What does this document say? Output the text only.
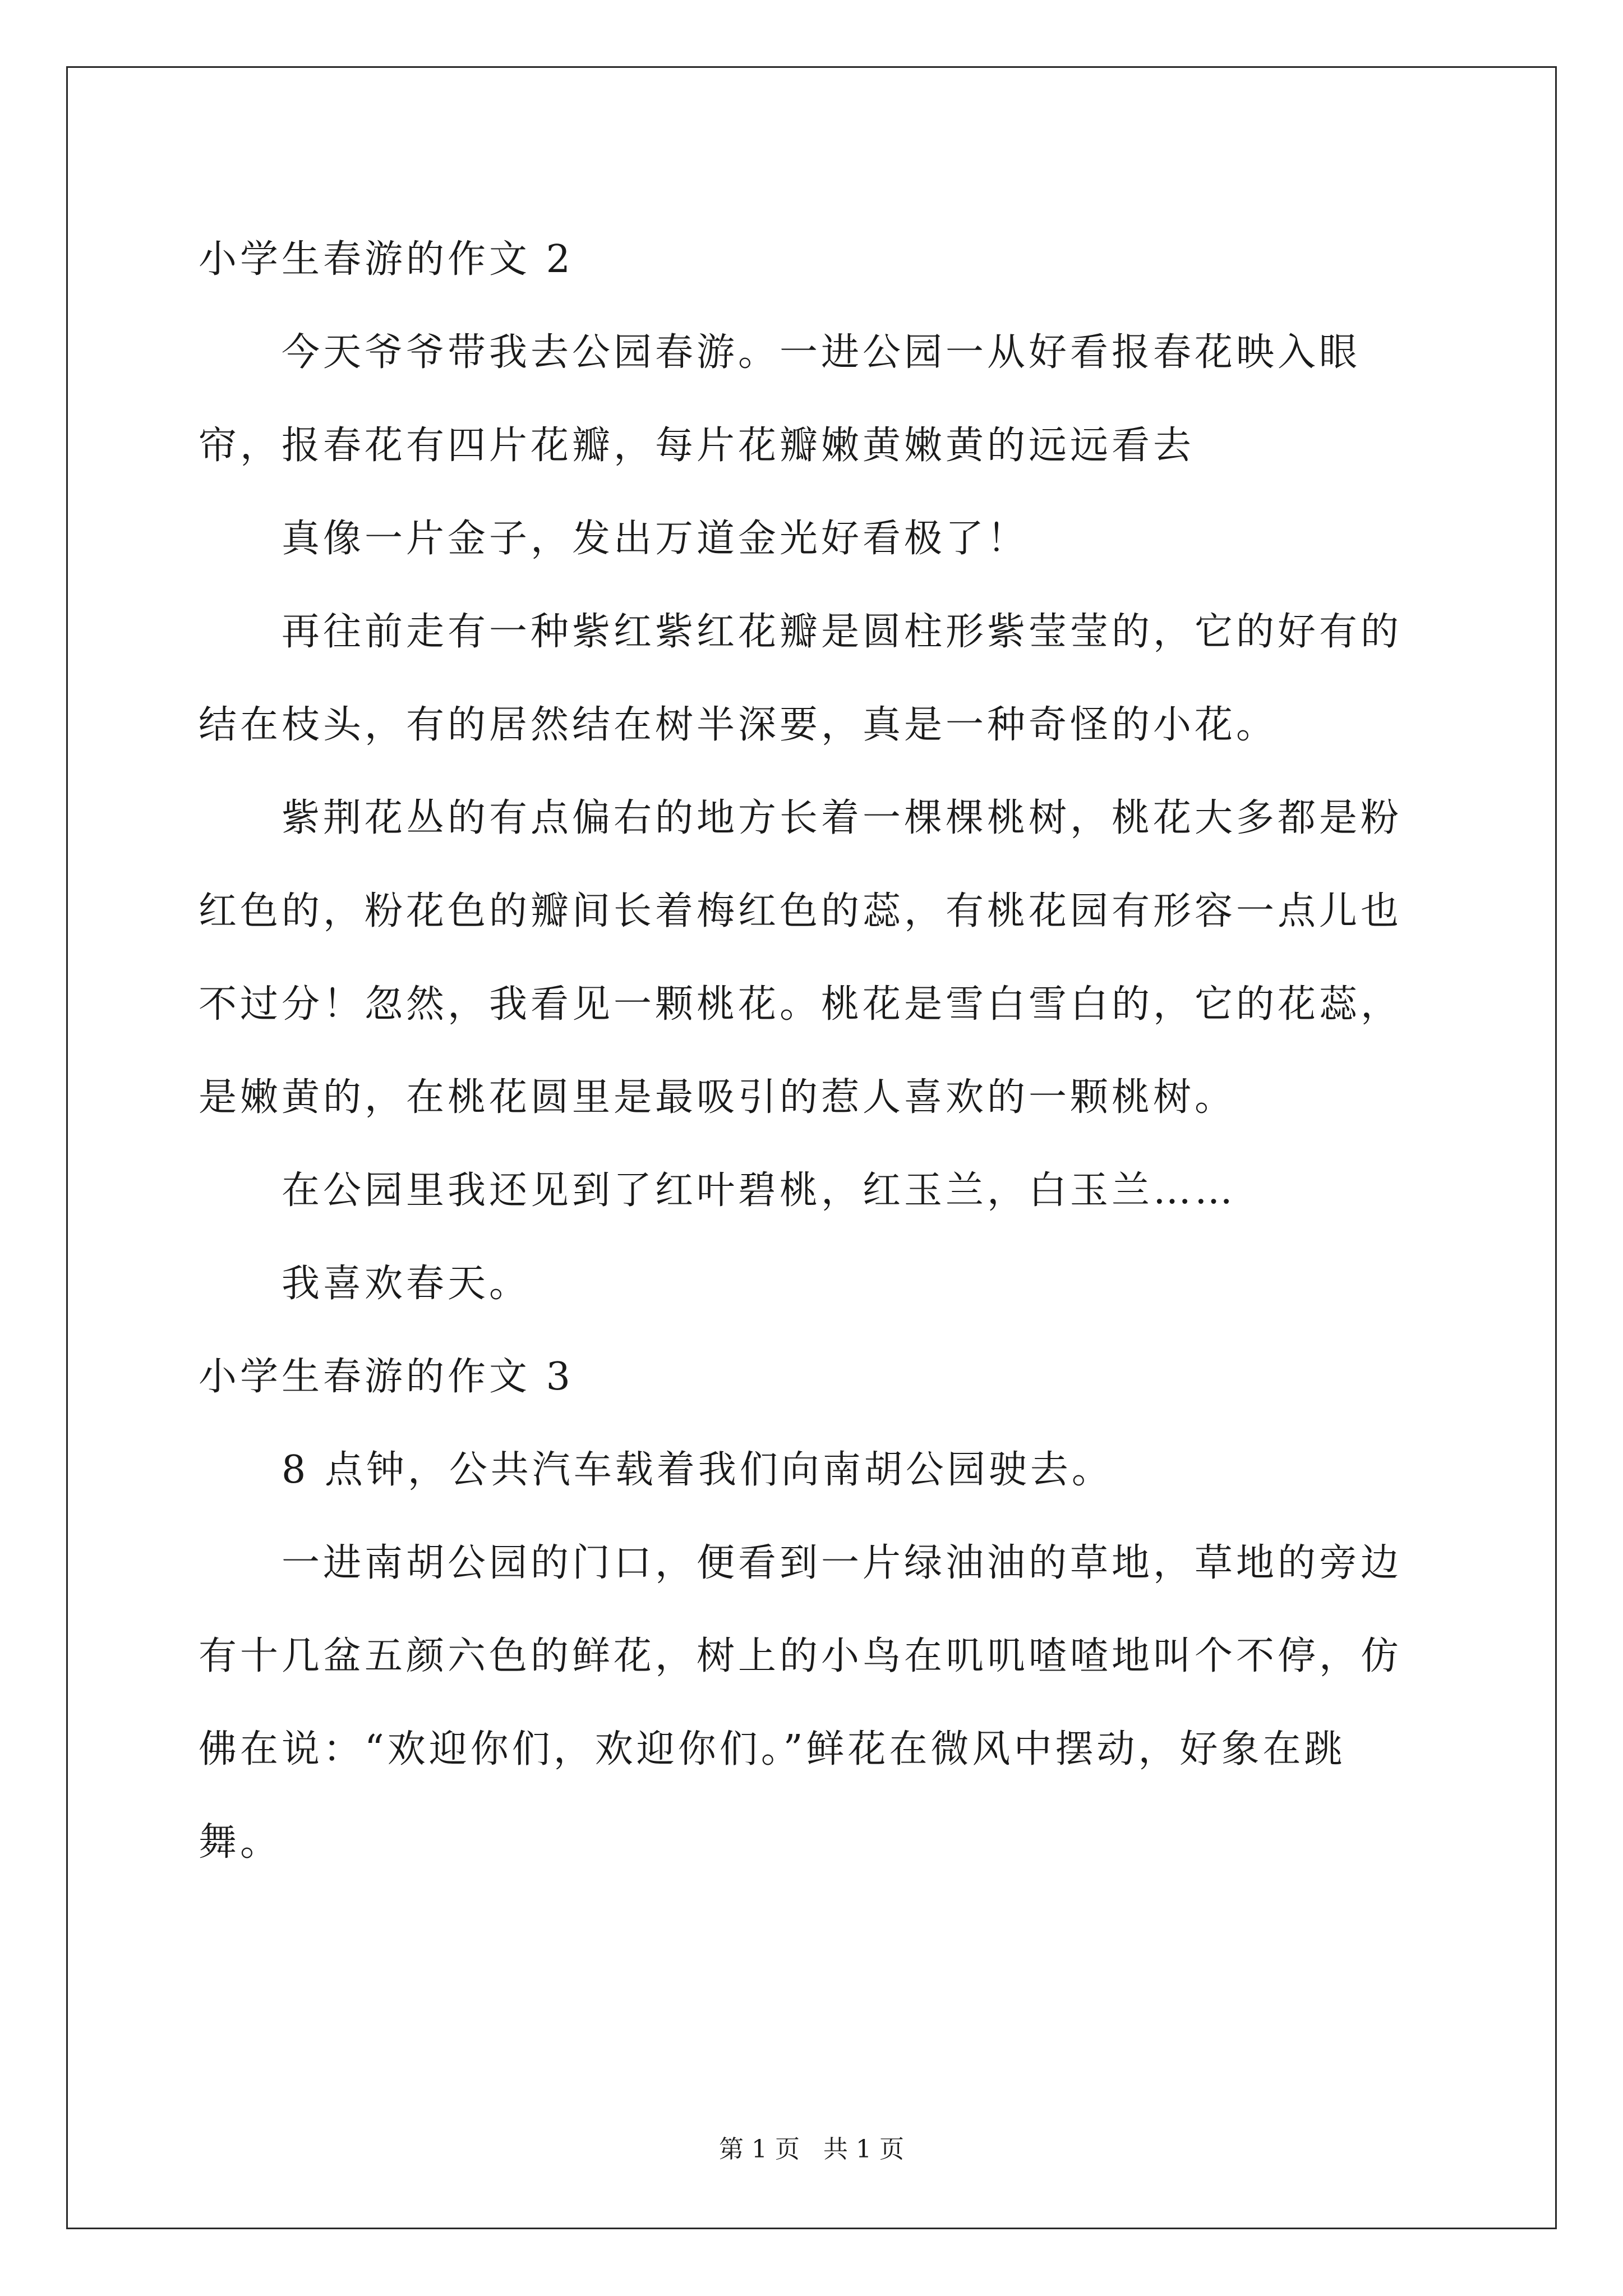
小学生春游的作文 2

今天爷爷带我去公园春游。一进公园一从好看报春花映入眼帘，报春花有四片花瓣，每片花瓣嫩黄嫩黄的远远看去

真像一片金子，发出万道金光好看极了！

再往前走有一种紫红紫红花瓣是圆柱形紫莹莹的，它的好有的结在枝头，有的居然结在树半深要，真是一种奇怪的小花。

紫荆花丛的有点偏右的地方长着一棵棵桃树，桃花大多都是粉红色的，粉花色的瓣间长着梅红色的蕊，有桃花园有形容一点儿也不过分！忽然，我看见一颗桃花。桃花是雪白雪白的，它的花蕊，是嫩黄的，在桃花圆里是最吸引的惹人喜欢的一颗桃树。

在公园里我还见到了红叶碧桃，红玉兰，白玉兰……

我喜欢春天。

小学生春游的作文 3

8 点钟，公共汽车载着我们向南胡公园驶去。

一进南胡公园的门口，便看到一片绿油油的草地，草地的旁边有十几盆五颜六色的鲜花，树上的小鸟在叽叽喳喳地叫个不停，仿佛在说：“欢迎你们，欢迎你们。”鲜花在微风中摆动，好象在跳舞。

第 1 页   共 1 页
